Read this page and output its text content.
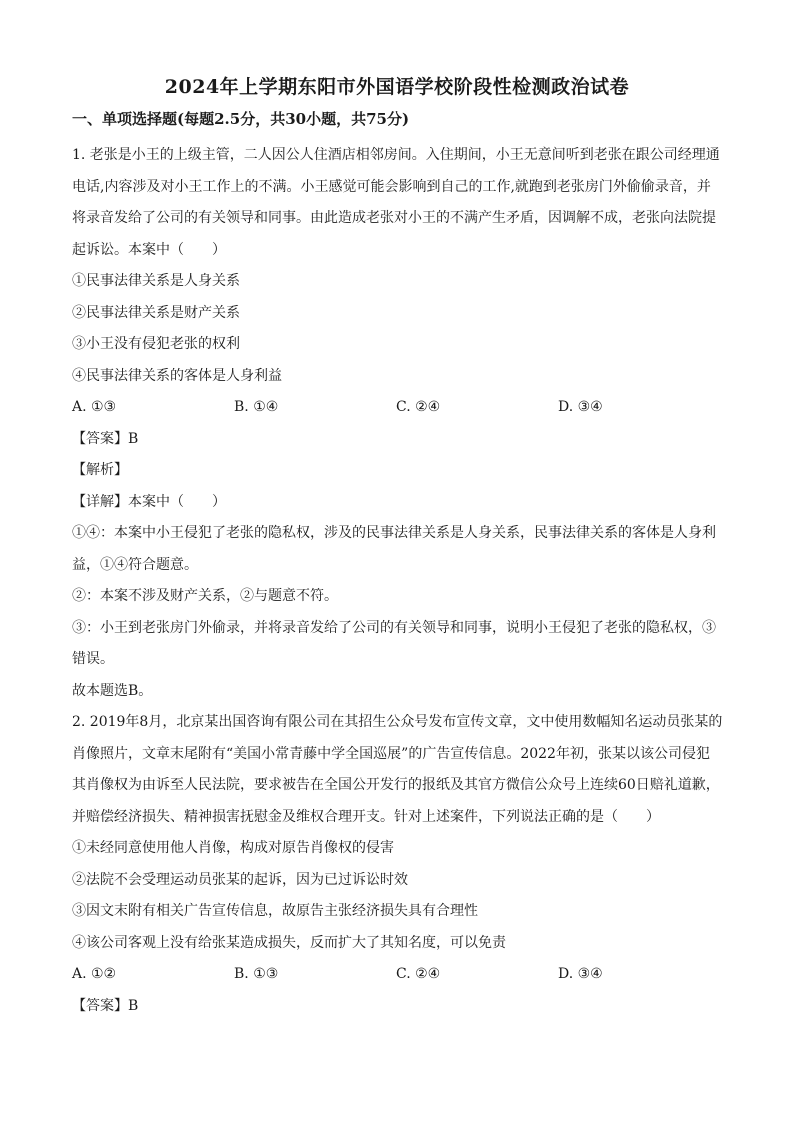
2024年上学期东阳市外国语学校阶段性检测政治试卷
一、单项选择题(每题2.5分，共30小题，共75分)

1. 老张是小王的上级主管，二人因公人住酒店相邻房间。入住期间，小王无意间听到老张在跟公司经理通

电话,内容涉及对小王工作上的不满。小王感觉可能会影响到自己的工作,就跑到老张房门外偷偷录音，并

将录音发给了公司的有关领导和同事。由此造成老张对小王的不满产生矛盾，因调解不成，老张向法院提

起诉讼。本案中（　　）

①民事法律关系是人身关系

②民事法律关系是财产关系

③小王没有侵犯老张的权利

④民事法律关系的客体是人身利益

A. ①③	B. ①④	C. ②④	D. ③④

【答案】B

【解析】

【详解】本案中（　　）

①④：本案中小王侵犯了老张的隐私权，涉及的民事法律关系是人身关系，民事法律关系的客体是人身利

益，①④符合题意。

②：本案不涉及财产关系，②与题意不符。

③：小王到老张房门外偷录，并将录音发给了公司的有关领导和同事，说明小王侵犯了老张的隐私权，③

错误。

故本题选B。

2. 2019年8月，北京某出国咨询有限公司在其招生公众号发布宣传文章，文中使用数幅知名运动员张某的

肖像照片，文章末尾附有“美国小常青藤中学全国巡展”的广告宣传信息。2022年初，张某以该公司侵犯

其肖像权为由诉至人民法院，要求被告在全国公开发行的报纸及其官方微信公众号上连续60日赔礼道歉，

并赔偿经济损失、精神损害抚慰金及维权合理开支。针对上述案件，下列说法正确的是（　　）

①未经同意使用他人肖像，构成对原告肖像权的侵害

②法院不会受理运动员张某的起诉，因为已过诉讼时效

③因文末附有相关广告宣传信息，故原告主张经济损失具有合理性

④该公司客观上没有给张某造成损失，反而扩大了其知名度，可以免责

A. ①②	B. ①③	C. ②④	D. ③④

【答案】B
